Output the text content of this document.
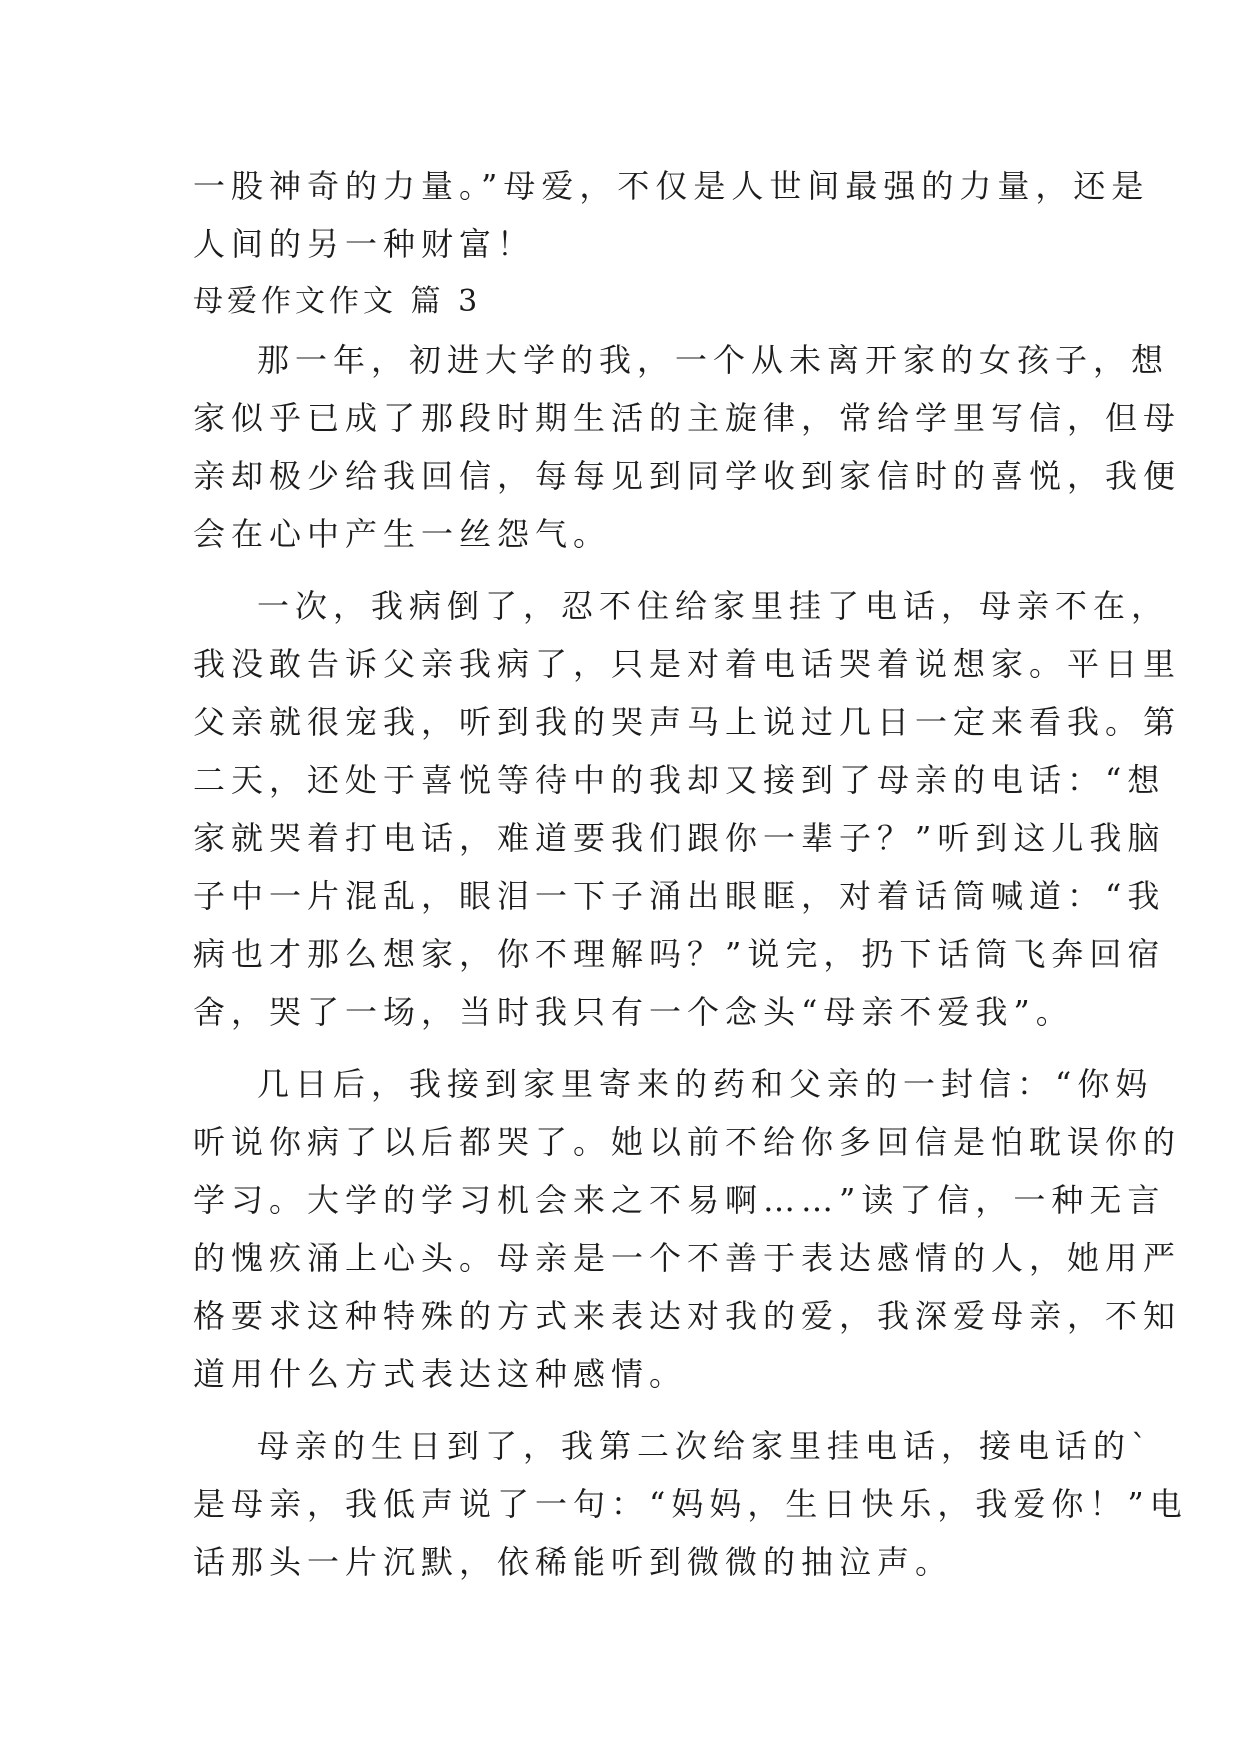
一股神奇的力量。”母爱，不仅是人世间最强的力量，还是
人间的另一种财富！
母爱作文作文 篇 3
那一年，初进大学的我，一个从未离开家的女孩子，想
家似乎已成了那段时期生活的主旋律，常给学里写信，但母
亲却极少给我回信，每每见到同学收到家信时的喜悦，我便
会在心中产生一丝怨气。
一次，我病倒了，忍不住给家里挂了电话，母亲不在，
我没敢告诉父亲我病了，只是对着电话哭着说想家。平日里
父亲就很宠我，听到我的哭声马上说过几日一定来看我。第
二天，还处于喜悦等待中的我却又接到了母亲的电话：“想
家就哭着打电话，难道要我们跟你一辈子？”听到这儿我脑
子中一片混乱，眼泪一下子涌出眼眶，对着话筒喊道：“我
病也才那么想家，你不理解吗？”说完，扔下话筒飞奔回宿
舍，哭了一场，当时我只有一个念头“母亲不爱我”。
几日后，我接到家里寄来的药和父亲的一封信：“你妈
听说你病了以后都哭了。她以前不给你多回信是怕耽误你的
学习。大学的学习机会来之不易啊……”读了信，一种无言
的愧疚涌上心头。母亲是一个不善于表达感情的人，她用严
格要求这种特殊的方式来表达对我的爱，我深爱母亲，不知
道用什么方式表达这种感情。
母亲的生日到了，我第二次给家里挂电话，接电话的`
是母亲，我低声说了一句：“妈妈，生日快乐，我爱你！”电
话那头一片沉默，依稀能听到微微的抽泣声。
